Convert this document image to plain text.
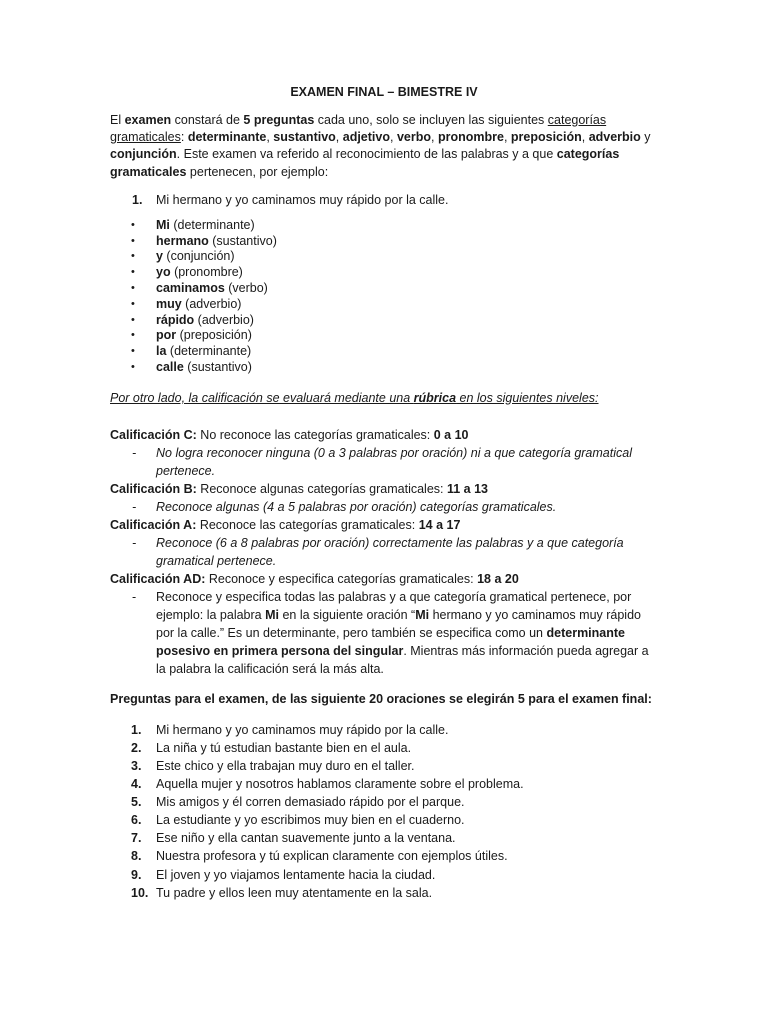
EXAMEN FINAL – BIMESTRE IV

El examen constará de 5 preguntas cada uno, solo se incluyen las siguientes categorías gramaticales: determinante, sustantivo, adjetivo, verbo, pronombre, preposición, adverbio y conjunción. Este examen va referido al reconocimiento de las palabras y a que categorías gramaticales pertenecen, por ejemplo:

1. Mi hermano y yo caminamos muy rápido por la calle.
• Mi (determinante)
• hermano (sustantivo)
• y (conjunción)
• yo (pronombre)
• caminamos (verbo)
• muy (adverbio)
• rápido (adverbio)
• por (preposición)
• la (determinante)
• calle (sustantivo)

Por otro lado, la calificación se evaluará mediante una rúbrica en los siguientes niveles:

Calificación C: No reconoce las categorías gramaticales: 0 a 10

- No logra reconocer ninguna (0 a 3 palabras por oración) ni a que categoría gramatical pertenece.

Calificación B: Reconoce algunas categorías gramaticales: 11 a 13

- Reconoce algunas (4 a 5 palabras por oración) categorías gramaticales.

Calificación A: Reconoce las categorías gramaticales: 14 a 17

- Reconoce (6 a 8 palabras por oración) correctamente las palabras y a que categoría gramatical pertenece.

Calificación AD: Reconoce y especifica categorías gramaticales: 18 a 20

- Reconoce y especifica todas las palabras y a que categoría gramatical pertenece, por ejemplo: la palabra Mi en la siguiente oración “Mi hermano y yo caminamos muy rápido por la calle.” Es un determinante, pero también se especifica como un determinante posesivo en primera persona del singular. Mientras más información pueda agregar a la palabra la calificación será la más alta.

Preguntas para el examen, de las siguiente 20 oraciones se elegirán 5 para el examen final:

1. Mi hermano y yo caminamos muy rápido por la calle.
2. La niña y tú estudian bastante bien en el aula.
3. Este chico y ella trabajan muy duro en el taller.
4. Aquella mujer y nosotros hablamos claramente sobre el problema.
5. Mis amigos y él corren demasiado rápido por el parque.
6. La estudiante y yo escribimos muy bien en el cuaderno.
7. Ese niño y ella cantan suavemente junto a la ventana.
8. Nuestra profesora y tú explican claramente con ejemplos útiles.
9. El joven y yo viajamos lentamente hacia la ciudad.
10. Tu padre y ellos leen muy atentamente en la sala.
